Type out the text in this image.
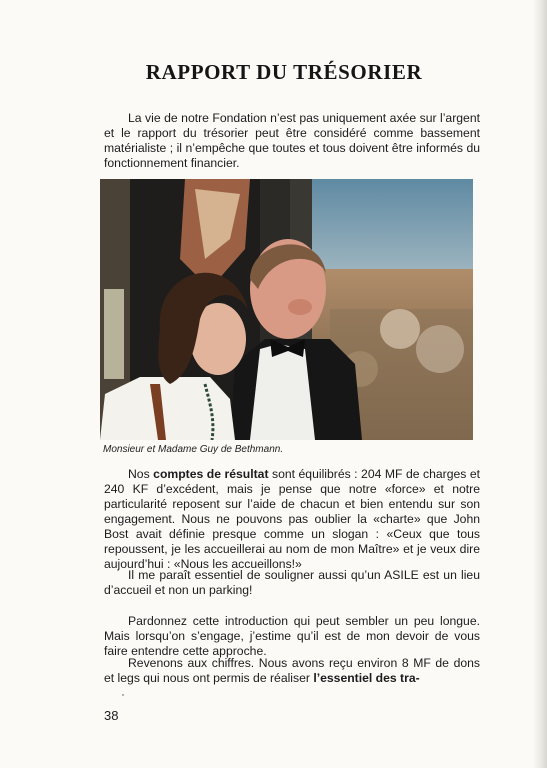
RAPPORT DU TRÉSORIER

La vie de notre Fondation n’est pas uniquement axée sur l’argent et le rapport du trésorier peut être considéré comme bassement matérialiste ; il n’empêche que toutes et tous doivent être informés du fonctionnement financier.

Monsieur et Madame Guy de Bethmann.

Nos comptes de résultat sont équilibrés : 204 MF de charges et 240 KF d’excédent, mais je pense que notre «force» et notre particularité reposent sur l’aide de chacun et bien entendu sur son engagement. Nous ne pouvons pas oublier la «charte» que John Bost avait définie presque comme un slogan : «Ceux que tous repoussent, je les accueillerai au nom de mon Maître» et je veux dire aujourd’hui : «Nous les accueillons!»

Il me paraît essentiel de souligner aussi qu’un ASILE est un lieu d’accueil et non un parking!

Pardonnez cette introduction qui peut sembler un peu longue. Mais lorsqu’on s’engage, j’estime qu’il est de mon devoir de vous faire entendre cette approche.

Revenons aux chiffres. Nous avons reçu environ 8 MF de dons et legs qui nous ont permis de réaliser l’essentiel des tra-

38
